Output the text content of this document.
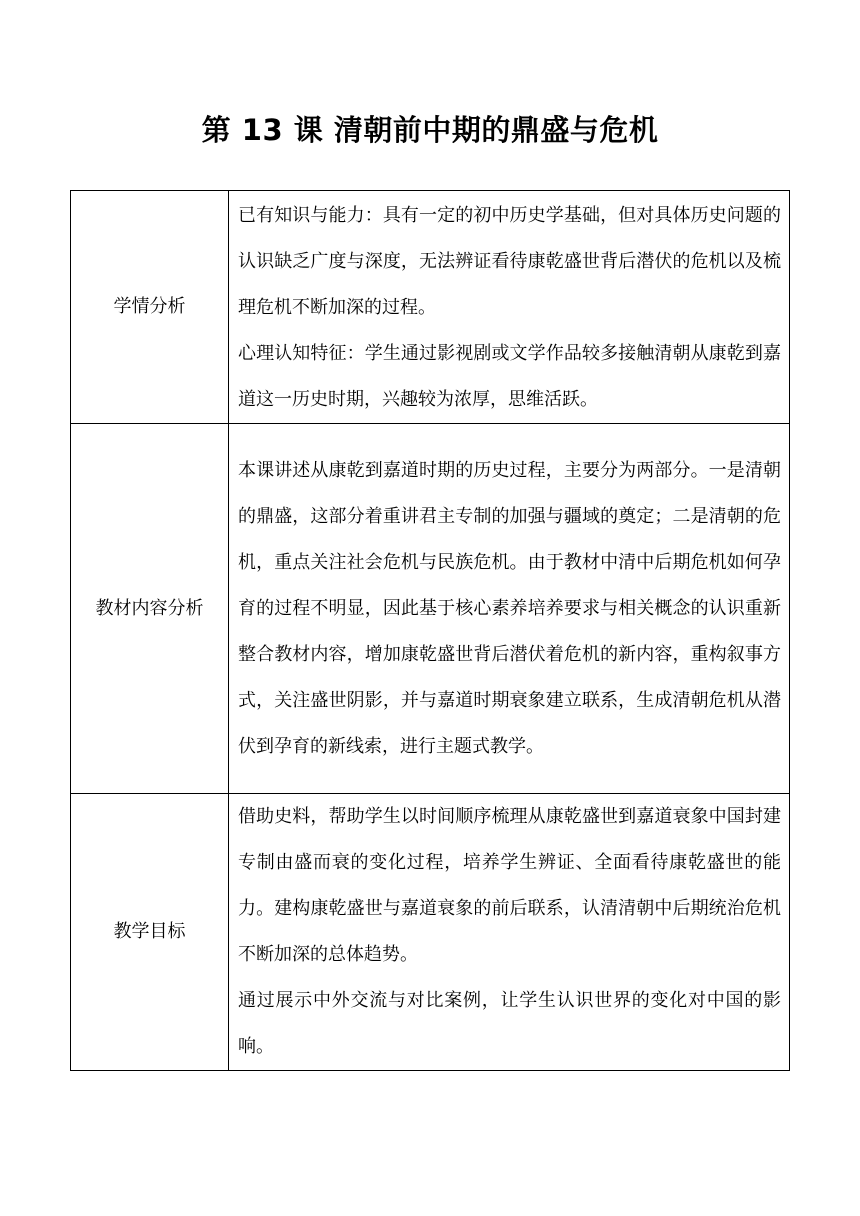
第 13 课 清朝前中期的鼎盛与危机
学情分析	已有知识与能力：具有一定的初中历史学基础，但对具体历史问题的认识缺乏广度与深度，无法辨证看待康乾盛世背后潜伏的危机以及梳理危机不断加深的过程。

心理认知特征：学生通过影视剧或文学作品较多接触清朝从康乾到嘉道这一历史时期，兴趣较为浓厚，思维活跃。

教材内容分析	本课讲述从康乾到嘉道时期的历史过程，主要分为两部分。一是清朝的鼎盛，这部分着重讲君主专制的加强与疆域的奠定；二是清朝的危机，重点关注社会危机与民族危机。由于教材中清中后期危机如何孕育的过程不明显，因此基于核心素养培养要求与相关概念的认识重新整合教材内容，增加康乾盛世背后潜伏着危机的新内容，重构叙事方式，关注盛世阴影，并与嘉道时期衰象建立联系，生成清朝危机从潜伏到孕育的新线索，进行主题式教学。

教学目标	借助史料，帮助学生以时间顺序梳理从康乾盛世到嘉道衰象中国封建专制由盛而衰的变化过程，培养学生辨证、全面看待康乾盛世的能力。建构康乾盛世与嘉道衰象的前后联系，认清清朝中后期统治危机不断加深的总体趋势。

通过展示中外交流与对比案例，让学生认识世界的变化对中国的影响。
